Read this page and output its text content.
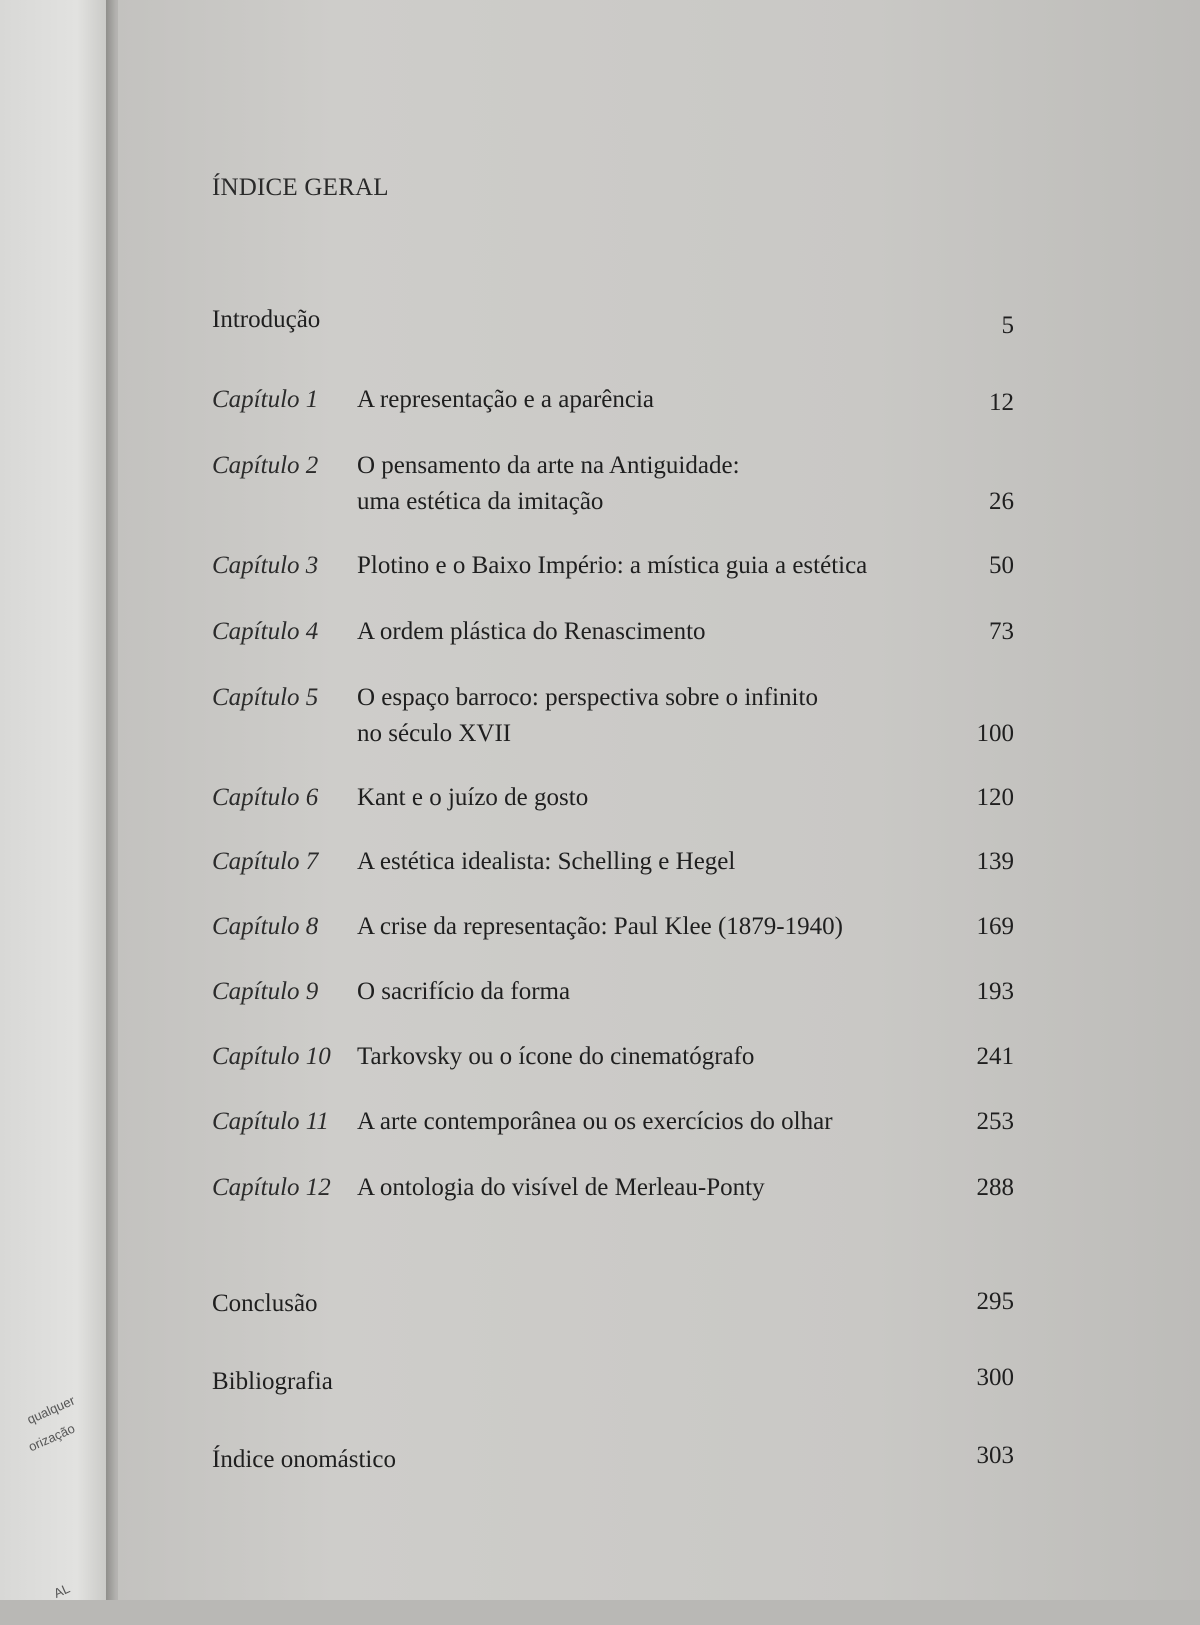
qualquer
orização
AL
ÍNDICE GERAL
Introdução	5
Capítulo 1 A representação e a aparência	12
Capítulo 2 O pensamento da arte na Antiguidade:
uma estética da imitação	26
Capítulo 3 Plotino e o Baixo Império: a mística guia a estética	50
Capítulo 4 A ordem plástica do Renascimento	73
Capítulo 5 O espaço barroco: perspectiva sobre o infinito
no século XVII	100
Capítulo 6 Kant e o juízo de gosto	120
Capítulo 7 A estética idealista: Schelling e Hegel	139
Capítulo 8 A crise da representação: Paul Klee (1879-1940)	169
Capítulo 9 O sacrifício da forma	193
Capítulo 10 Tarkovsky ou o ícone do cinematógrafo	241
Capítulo 11 A arte contemporânea ou os exercícios do olhar	253
Capítulo 12 A ontologia do visível de Merleau-Ponty	288
Conclusão	295
Bibliografia	300
Índice onomástico	303
